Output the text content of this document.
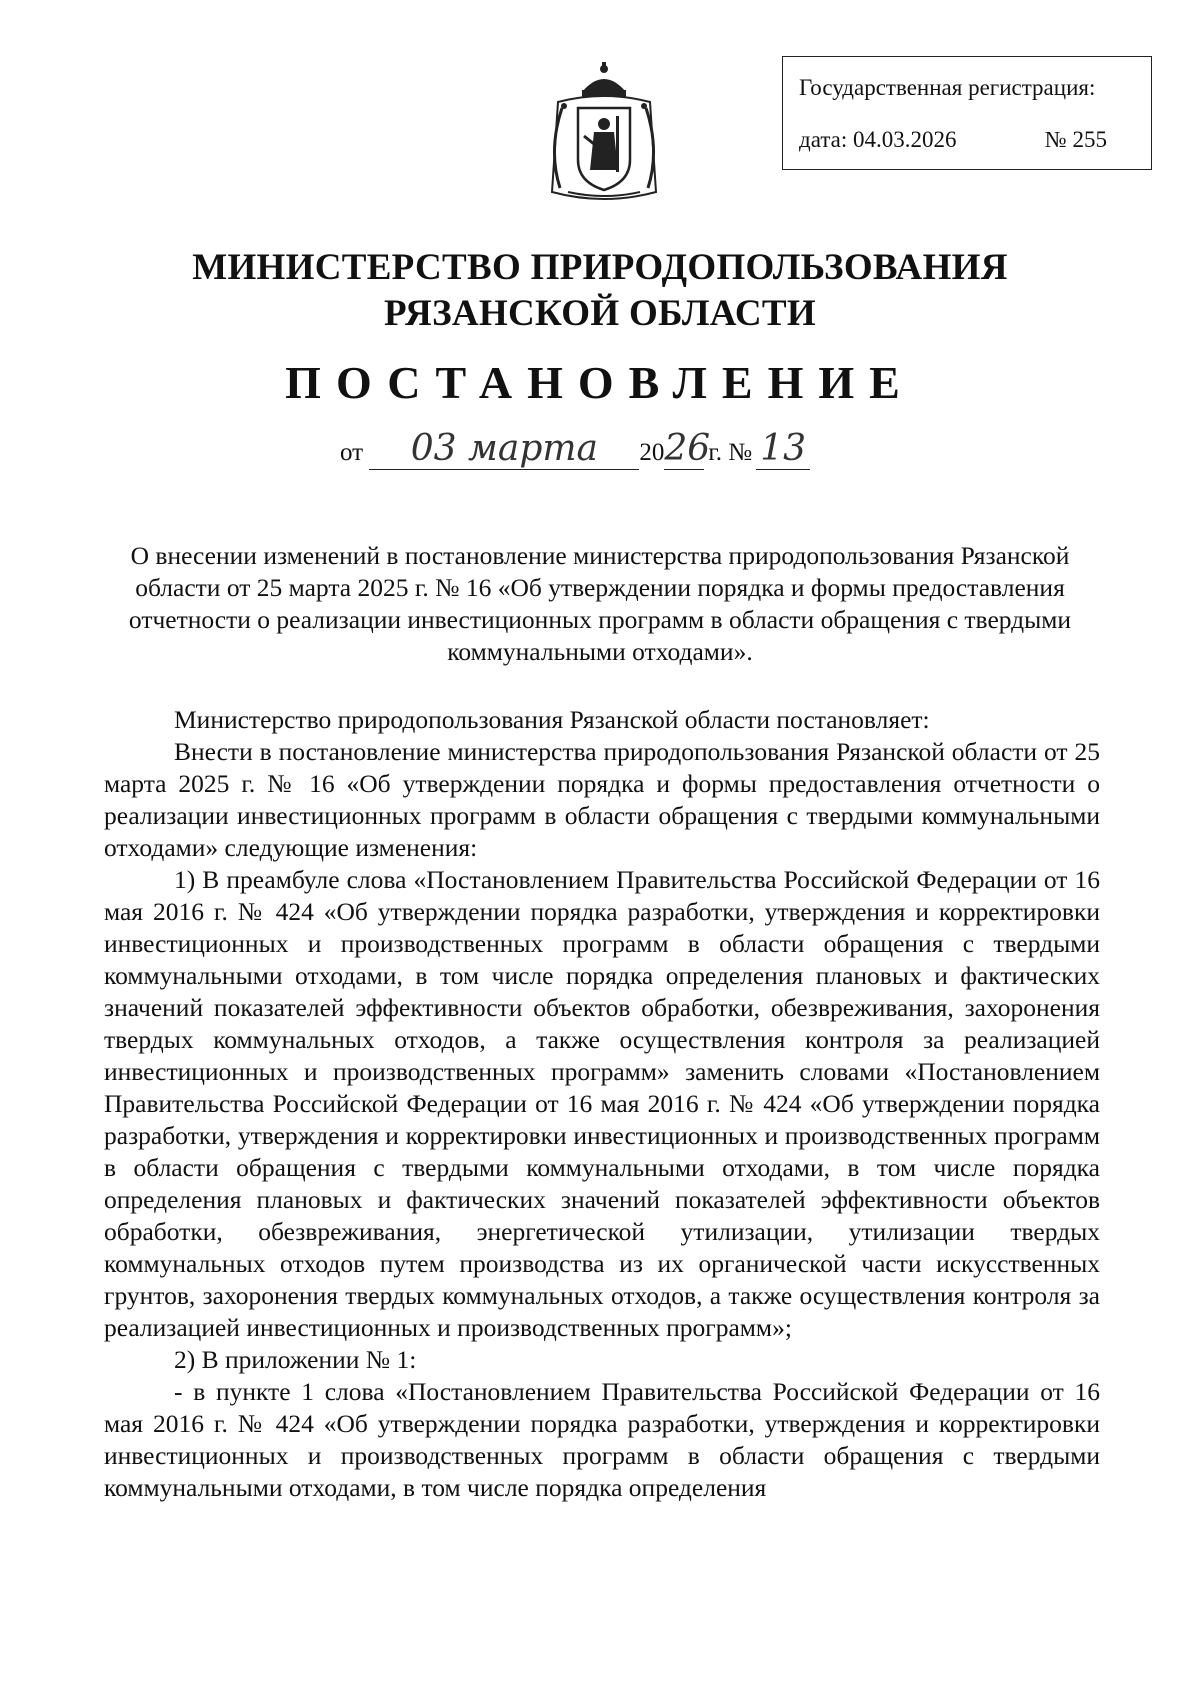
Государственная регистрация:
дата: 04.03.2026	№ 255
МИНИСТЕРСТВО ПРИРОДОПОЛЬЗОВАНИЯ
РЯЗАНСКОЙ ОБЛАСТИ
ПОСТАНОВЛЕНИЕ
от 03 марта 2026г. № 13
О внесении изменений в постановление министерства природопользования Рязанской области от 25 марта 2025 г. № 16 «Об утверждении порядка и формы предоставления отчетности о реализации инвестиционных программ в области обращения с твердыми коммунальными отходами».

Министерство природопользования Рязанской области постановляет:

Внести в постановление министерства природопользования Рязанской области от 25 марта 2025 г. № 16 «Об утверждении порядка и формы предоставления отчетности о реализации инвестиционных программ в области обращения с твердыми коммунальными отходами» следующие изменения:

1) В преамбуле слова «Постановлением Правительства Российской Федерации от 16 мая 2016 г. № 424 «Об утверждении порядка разработки, утверждения и корректировки инвестиционных и производственных программ в области обращения с твердыми коммунальными отходами, в том числе порядка определения плановых и фактических значений показателей эффективности объектов обработки, обезвреживания, захоронения твердых коммунальных отходов, а также осуществления контроля за реализацией инвестиционных и производственных программ» заменить словами «Постановлением Правительства Российской Федерации от 16 мая 2016 г. № 424 «Об утверждении порядка разработки, утверждения и корректировки инвестиционных и производственных программ в области обращения с твердыми коммунальными отходами, в том числе порядка определения плановых и фактических значений показателей эффективности объектов обработки, обезвреживания, энергетической утилизации, утилизации твердых коммунальных отходов путем производства из их органической части искусственных грунтов, захоронения твердых коммунальных отходов, а также осуществления контроля за реализацией инвестиционных и производственных программ»;

2) В приложении № 1:

- в пункте 1 слова «Постановлением Правительства Российской Федерации от 16 мая 2016 г. № 424 «Об утверждении порядка разработки, утверждения и корректировки инвестиционных и производственных программ в области обращения с твердыми коммунальными отходами, в том числе порядка определения
